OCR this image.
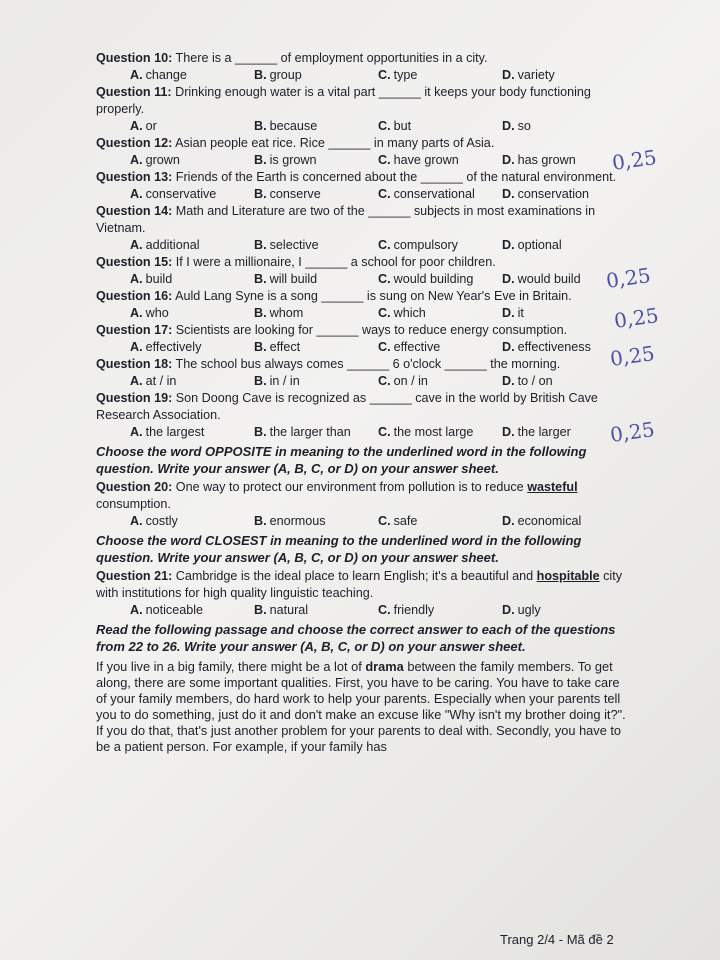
Question 10: There is a ______ of employment opportunities in a city.
A. change	B. group	C. type	D. variety
Question 11: Drinking enough water is a vital part ______ it keeps your body functioning properly.
A. or	B. because	C. but	D. so
Question 12: Asian people eat rice. Rice ______ in many parts of Asia.
A. grown	B. is grown	C. have grown	D. has grown
Question 13: Friends of the Earth is concerned about the ______ of the natural environment.
A. conservative	B. conserve	C. conservational	D. conservation
Question 14: Math and Literature are two of the ______ subjects in most examinations in Vietnam.
A. additional	B. selective	C. compulsory	D. optional
Question 15: If I were a millionaire, I ______ a school for poor children.
A. build	B. will build	C. would building	D. would build
Question 16: Auld Lang Syne is a song ______ is sung on New Year's Eve in Britain.
A. who	B. whom	C. which	D. it
Question 17: Scientists are looking for ______ ways to reduce energy consumption.
A. effectively	B. effect	C. effective	D. effectiveness
Question 18: The school bus always comes ______ 6 o'clock ______ the morning.
A. at / in	B. in / in	C. on / in	D. to / on
Question 19: Son Doong Cave is recognized as ______ cave in the world by British Cave Research Association.
A. the largest	B. the larger than	C. the most large	D. the larger
Choose the word OPPOSITE in meaning to the underlined word in the following question. Write your answer (A, B, C, or D) on your answer sheet.
Question 20: One way to protect our environment from pollution is to reduce wasteful consumption.
A. costly	B. enormous	C. safe	D. economical
Choose the word CLOSEST in meaning to the underlined word in the following question. Write your answer (A, B, C, or D) on your answer sheet.
Question 21: Cambridge is the ideal place to learn English; it's a beautiful and hospitable city with institutions for high quality linguistic teaching.
A. noticeable	B. natural	C. friendly	D. ugly
Read the following passage and choose the correct answer to each of the questions from 22 to 26. Write your answer (A, B, C, or D) on your answer sheet.
If you live in a big family, there might be a lot of drama between the family members. To get along, there are some important qualities. First, you have to be caring. You have to take care of your family members, do hard work to help your parents. Especially when your parents tell you to do something, just do it and don't make an excuse like "Why isn't my brother doing it?". If you do that, that's just another problem for your parents to deal with. Secondly, you have to be a patient person. For example, if your family has
0,25
0,25
0,25
0,25
0,25
Trang 2/4 - Mã đề 2
